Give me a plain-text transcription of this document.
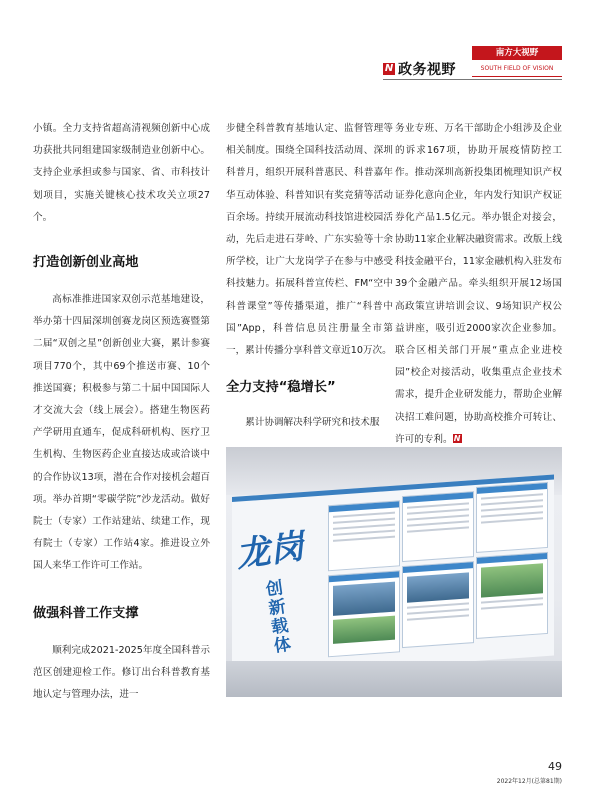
南方大视野
N 政务视野	SOUTH FIELD OF VISION

小镇。全力支持省超高清视频创新中心成功获批共同组建国家级制造业创新中心。支持企业承担或参与国家、省、市科技计划项目，实施关键核心技术攻关立项27个。

打造创新创业高地

高标准推进国家双创示范基地建设，举办第十四届深圳创赛龙岗区预选赛暨第二届“双创之星”创新创业大赛，累计参赛项目770个，其中69个推送市赛、10个推送国赛；积极参与第二十届中国国际人才交流大会（线上展会）。搭建生物医药产学研用直通车，促成科研机构、医疗卫生机构、生物医药企业直接达成或洽谈中的合作协议13项，潜在合作对接机会超百项。举办首期“零碳学院”沙龙活动。做好院士（专家）工作站建站、续建工作，现有院士（专家）工作站4家。推进设立外国人来华工作许可工作站。

做强科普工作支撑

顺利完成2021-2025年度全国科普示范区创建迎检工作。修订出台科普教育基地认定与管理办法，进一

步健全科普教育基地认定、监督管理等相关制度。围绕全国科技活动周、深圳科普月，组织开展科普惠民、科普嘉年华互动体验、科普知识有奖竞猜等活动百余场。持续开展流动科技馆进校园活动，先后走进石芽岭、广东实验等十余所学校，让广大龙岗学子在参与中感受科技魅力。拓展科普宣传栏、FM“空中科普课堂”等传播渠道，推广“科普中国”App，科普信息员注册量全市第一，累计传播分享科普文章近10万次。

全力支持“稳增长”

累计协调解决科学研究和技术服

务业专班、万名干部助企小组涉及企业的诉求167项，协助开展疫情防控工作。推动深圳高新投集团梳理知识产权证券化意向企业，年内发行知识产权证券化产品1.5亿元。举办银企对接会，协助11家企业解决融资需求。改版上线科技金融平台，11家金融机构入驻发布39个金融产品。牵头组织开展12场国高政策宣讲培训会议、9场知识产权公益讲座，吸引近2000家次企业参加。联合区相关部门开展“重点企业进校园”校企对接活动，收集重点企业技术需求，提升企业研发能力，帮助企业解决招工难问题，协助高校推介可转让、许可的专利。N

龙岗
创新载体
49
2022年12月(总第81期)
